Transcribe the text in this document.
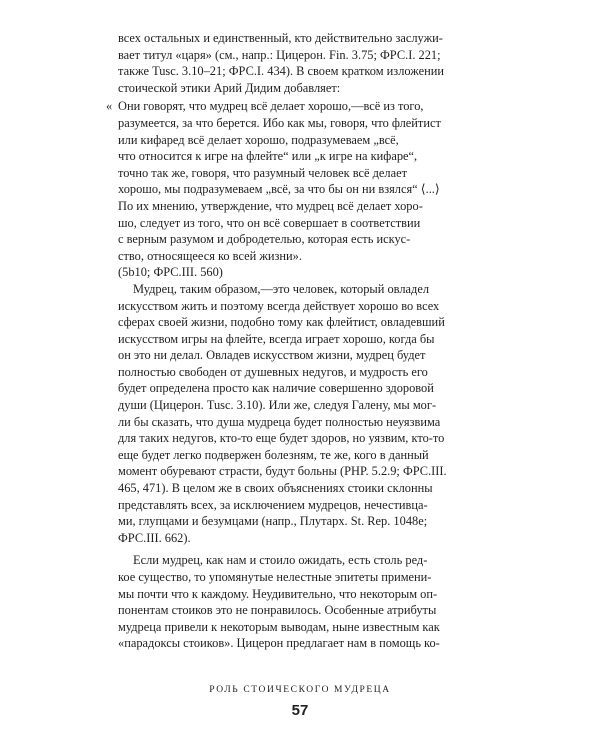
всех остальных и единственный, кто действительно заслужи-
вает титул «царя» (см., напр.: Цицерон. Fin. 3.75; ФРС.I. 221;
также Tusc. 3.10–21; ФРС.I. 434). В своем кратком изложении
стоической этики Арий Дидим добавляет:
« Они говорят, что мудрец всё делает хорошо,—всё из того,
разумеется, за что берется. Ибо как мы, говоря, что флейтист
или кифаред всё делает хорошо, подразумеваем „всё,
что относится к игре на флейте“ или „к игре на кифаре“,
точно так же, говоря, что разумный человек всё делает
хорошо, мы подразумеваем „всё, за что бы он ни взялся“ ⟨...⟩
По их мнению, утверждение, что мудрец всё делает хоро-
шо, следует из того, что он всё совершает в соответствии
с верным разумом и добродетелью, которая есть искус-
ство, относящееся ко всей жизни».
(5b10; ФРС.III. 560)
Мудрец, таким образом,—это человек, который овладел
искусством жить и поэтому всегда действует хорошо во всех
сферах своей жизни, подобно тому как флейтист, овладевший
искусством игры на флейте, всегда играет хорошо, когда бы
он это ни делал. Овладев искусством жизни, мудрец будет
полностью свободен от душевных недугов, и мудрость его
будет определена просто как наличие совершенно здоровой
души (Цицерон. Tusc. 3.10). Или же, следуя Галену, мы мог-
ли бы сказать, что душа мудреца будет полностью неуязвима
для таких недугов, кто-то еще будет здоров, но уязвим, кто-то
еще будет легко подвержен болезням, те же, кого в данный
момент обуревают страсти, будут больны (PHP. 5.2.9; ФРС.III.
465, 471). В целом же в своих объяснениях стоики склонны
представлять всех, за исключением мудрецов, нечестивца-
ми, глупцами и безумцами (напр., Плутарх. St. Rep. 1048e;
ФРС.III. 662).
Если мудрец, как нам и стоило ожидать, есть столь ред-
кое существо, то упомянутые нелестные эпитеты примени-
мы почти что к каждому. Неудивительно, что некоторым оп-
понентам стоиков это не понравилось. Особенные атрибуты
мудреца привели к некоторым выводам, ныне известным как
«парадоксы стоиков». Цицерон предлагает нам в помощь ко-
РОЛЬ СТОИЧЕСКОГО МУДРЕЦА
57
